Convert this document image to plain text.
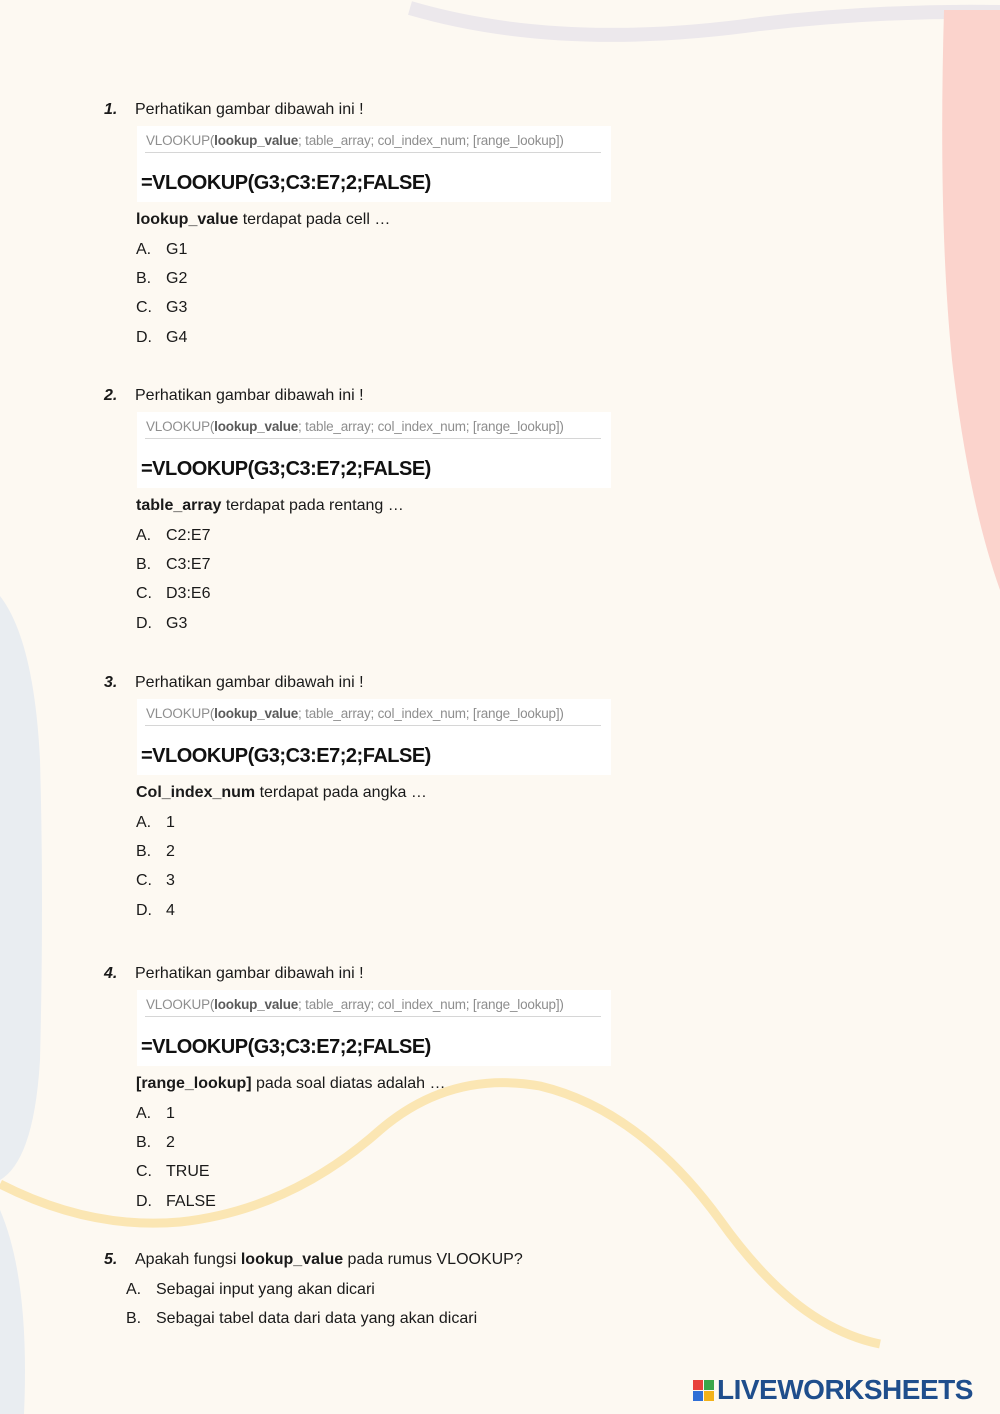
1. Perhatikan gambar dibawah ini !
VLOOKUP(lookup_value; table_array; col_index_num; [range_lookup])
=VLOOKUP(G3;C3:E7;2;FALSE)
lookup_value terdapat pada cell …
A. G1
B. G2
C. G3
D. G4
2. Perhatikan gambar dibawah ini !
VLOOKUP(lookup_value; table_array; col_index_num; [range_lookup])
=VLOOKUP(G3;C3:E7;2;FALSE)
table_array terdapat pada rentang …
A. C2:E7
B. C3:E7
C. D3:E6
D. G3
3. Perhatikan gambar dibawah ini !
VLOOKUP(lookup_value; table_array; col_index_num; [range_lookup])
=VLOOKUP(G3;C3:E7;2;FALSE)
Col_index_num terdapat pada angka …
A. 1
B. 2
C. 3
D. 4
4. Perhatikan gambar dibawah ini !
VLOOKUP(lookup_value; table_array; col_index_num; [range_lookup])
=VLOOKUP(G3;C3:E7;2;FALSE)
[range_lookup] pada soal diatas adalah …
A. 1
B. 2
C. TRUE
D. FALSE
5. Apakah fungsi lookup_value pada rumus VLOOKUP?
A. Sebagai input yang akan dicari
B. Sebagai tabel data dari data yang akan dicari
LIVEWORKSHEETS
